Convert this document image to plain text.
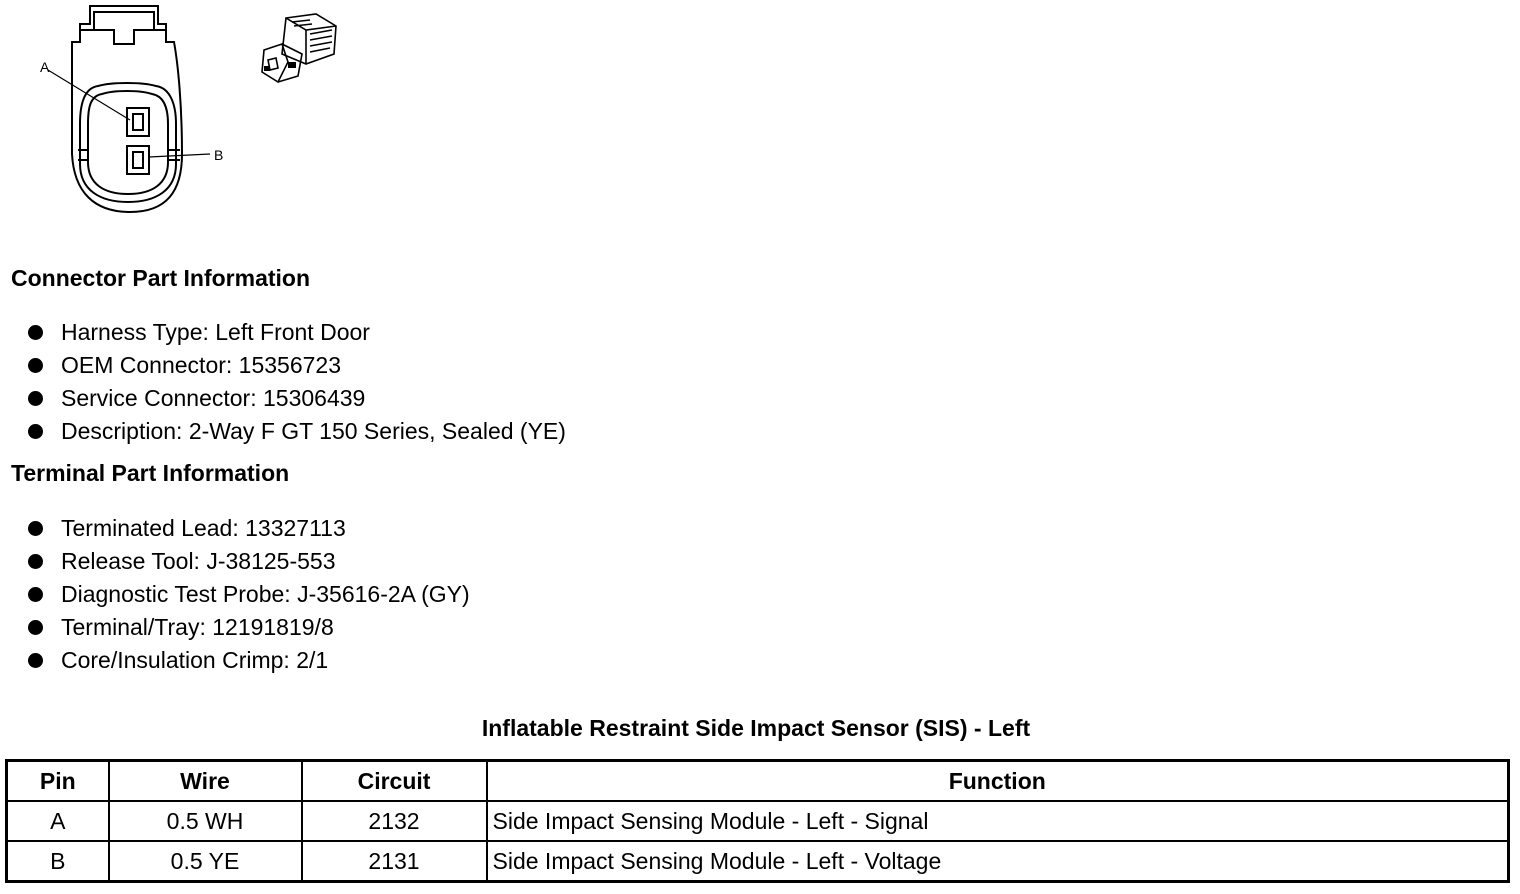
A
B
Connector Part Information
Harness Type: Left Front Door
OEM Connector: 15356723
Service Connector: 15306439
Description: 2-Way F GT 150 Series, Sealed (YE)
Terminal Part Information
Terminated Lead: 13327113
Release Tool: J-38125-553
Diagnostic Test Probe: J-35616-2A (GY)
Terminal/Tray: 12191819/8
Core/Insulation Crimp: 2/1
Inflatable Restraint Side Impact Sensor (SIS) - Left
Pin	Wire	Circuit	Function
A	0.5 WH	2132	Side Impact Sensing Module - Left - Signal
B	0.5 YE	2131	Side Impact Sensing Module - Left - Voltage
